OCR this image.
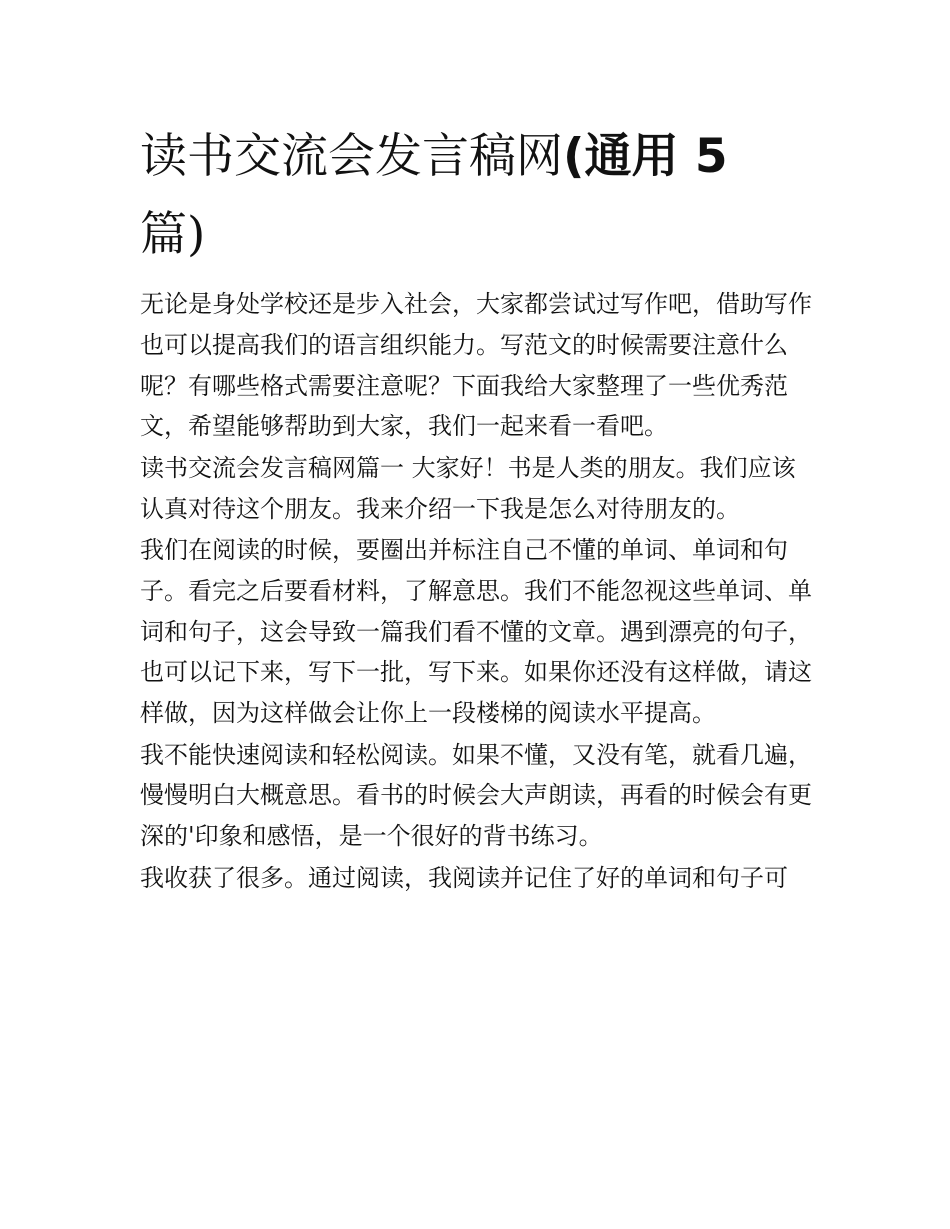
读书交流会发言稿网(通用 5
篇)

无论是身处学校还是步入社会，大家都尝试过写作吧，借助写作也可以提高我们的语言组织能力。写范文的时候需要注意什么呢？有哪些格式需要注意呢？下面我给大家整理了一些优秀范文，希望能够帮助到大家，我们一起来看一看吧。

读书交流会发言稿网篇一 大家好！书是人类的朋友。我们应该认真对待这个朋友。我来介绍一下我是怎么对待朋友的。

我们在阅读的时候，要圈出并标注自己不懂的单词、单词和句子。看完之后要看材料，了解意思。我们不能忽视这些单词、单词和句子，这会导致一篇我们看不懂的文章。遇到漂亮的句子，也可以记下来，写下一批，写下来。如果你还没有这样做，请这样做，因为这样做会让你上一段楼梯的阅读水平提高。

我不能快速阅读和轻松阅读。如果不懂，又没有笔，就看几遍，慢慢明白大概意思。看书的时候会大声朗读，再看的时候会有更深的'印象和感悟，是一个很好的背书练习。

我收获了很多。通过阅读，我阅读并记住了好的单词和句子可
